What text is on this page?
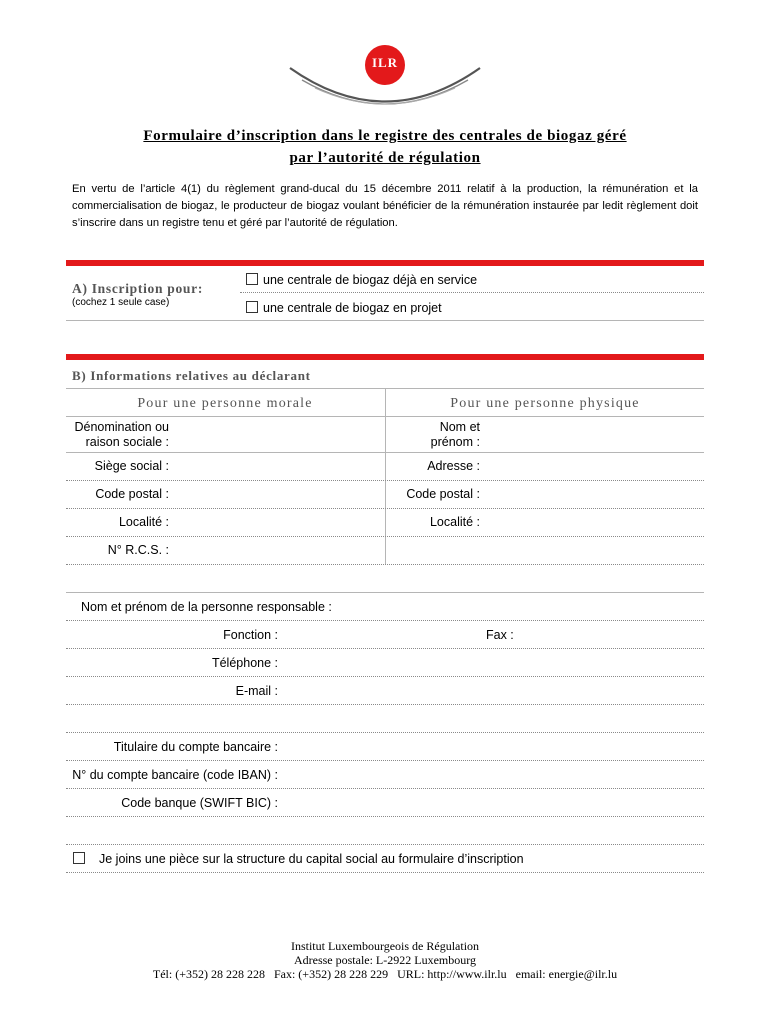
ILR
Formulaire d’inscription dans le registre des centrales de biogaz géré
par l’autorité de régulation
En vertu de l’article 4(1) du règlement grand-ducal du 15 décembre 2011 relatif à la production, la rémunération et la commercialisation de biogaz, le producteur de biogaz voulant bénéficier de la rémunération instaurée par ledit règlement doit s’inscrire dans un registre tenu et géré par l’autorité de régulation.
A) Inscription pour:
(cochez 1 seule case)
une centrale de biogaz déjà en service
une centrale de biogaz en projet
B) Informations relatives au déclarant
Pour une personne morale	Pour une personne physique
Dénomination ou
raison sociale :
Siège social :
Code postal :
Localité :
N° R.C.S. :
Nom et
prénom :
Adresse :
Code postal :
Localité :
Nom et prénom de la personne responsable :
Fonction :	Fax :
Téléphone :
E-mail :
Titulaire du compte bancaire :
N° du compte bancaire (code IBAN) :
Code banque (SWIFT BIC) :
Je joins une pièce sur la structure du capital social au formulaire d’inscription
Institut Luxembourgeois de Régulation
Adresse postale: L-2922 Luxembourg
Tél: (+352) 28 228 228   Fax: (+352) 28 228 229   URL: http://www.ilr.lu   email: energie@ilr.lu
